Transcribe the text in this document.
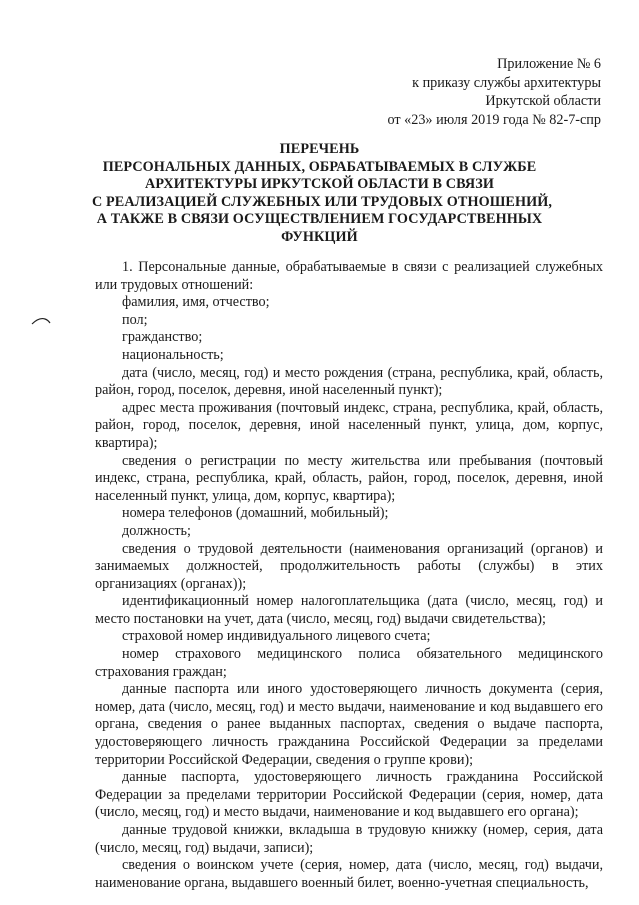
Приложение № 6
к приказу службы архитектуры
Иркутской области
от «23» июля 2019 года № 82-7-спр
ПЕРЕЧЕНЬ
ПЕРСОНАЛЬНЫХ ДАННЫХ, ОБРАБАТЫВАЕМЫХ В СЛУЖБЕ
АРХИТЕКТУРЫ ИРКУТСКОЙ ОБЛАСТИ В СВЯЗИ
С РЕАЛИЗАЦИЕЙ СЛУЖЕБНЫХ ИЛИ ТРУДОВЫХ ОТНОШЕНИЙ,
А ТАКЖЕ В СВЯЗИ ОСУЩЕСТВЛЕНИЕМ ГОСУДАРСТВЕННЫХ
ФУНКЦИЙ

1. Персональные данные, обрабатываемые в связи с реализацией служебных или трудовых отношений:

фамилия, имя, отчество;

пол;

гражданство;

национальность;

дата (число, месяц, год) и место рождения (страна, республика, край, область, район, город, поселок, деревня, иной населенный пункт);

адрес места проживания (почтовый индекс, страна, республика, край, область, район, город, поселок, деревня, иной населенный пункт, улица, дом, корпус, квартира);

сведения о регистрации по месту жительства или пребывания (почтовый индекс, страна, республика, край, область, район, город, поселок, деревня, иной населенный пункт, улица, дом, корпус, квартира);

номера телефонов (домашний, мобильный);

должность;

сведения о трудовой деятельности (наименования организаций (органов) и занимаемых должностей, продолжительность работы (службы) в этих организациях (органах));

идентификационный номер налогоплательщика (дата (число, месяц, год) и место постановки на учет, дата (число, месяц, год) выдачи свидетельства);

страховой номер индивидуального лицевого счета;

номер страхового медицинского полиса обязательного медицинского страхования граждан;

данные паспорта или иного удостоверяющего личность документа (серия, номер, дата (число, месяц, год) и место выдачи, наименование и код выдавшего его органа, сведения о ранее выданных паспортах, сведения о выдаче паспорта, удостоверяющего личность гражданина Российской Федерации за пределами территории Российской Федерации, сведения о группе крови);

данные паспорта, удостоверяющего личность гражданина Российской Федерации за пределами территории Российской Федерации (серия, номер, дата (число, месяц, год) и место выдачи, наименование и код выдавшего его органа);

данные трудовой книжки, вкладыша в трудовую книжку (номер, серия, дата (число, месяц, год) выдачи, записи);

сведения о воинском учете (серия, номер, дата (число, месяц, год) выдачи, наименование органа, выдавшего военный билет, военно-учетная специальность,
